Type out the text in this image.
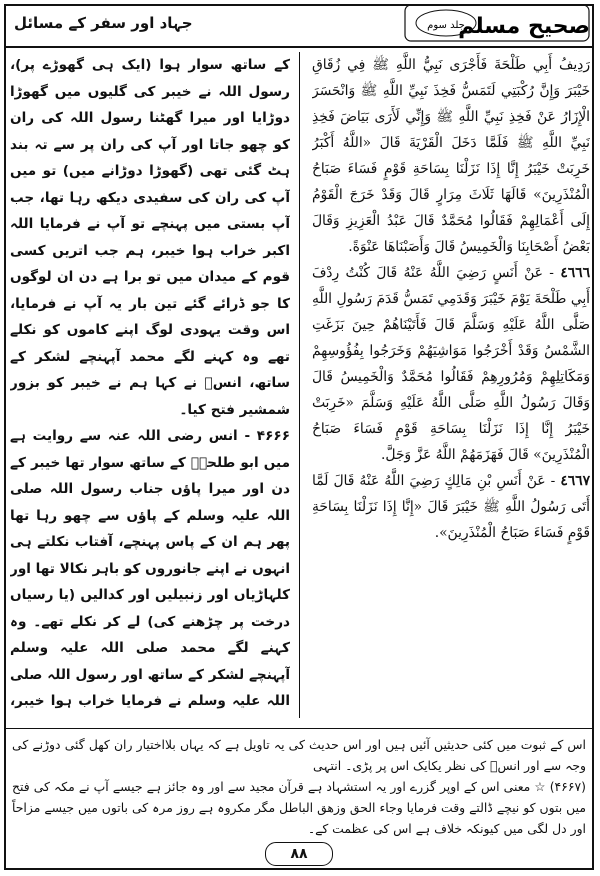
صحیح مسلم
جلد سوم
جہاد اور سفر کے مسائل

رَدِيفُ أَبِي طَلْحَةَ فَأَجْرَى نَبِيُّ اللَّهِ ﷺ فِي زُقَاقِ خَيْبَرَ وَإِنَّ رُكْبَتِي لَتَمَسُّ فَخِذَ نَبِيِّ اللَّهِ ﷺ وَانْحَسَرَ الْإِزَارُ عَنْ فَخِذِ نَبِيِّ اللَّهِ ﷺ وَإِنِّي لَأَرَى بَيَاضَ فَخِذِ نَبِيِّ اللَّهِ ﷺ فَلَمَّا دَخَلَ الْقَرْيَةَ قَالَ «اللَّهُ أَكْبَرُ خَرِبَتْ خَيْبَرُ إِنَّا إِذَا نَزَلْنَا بِسَاحَةِ قَوْمٍ فَسَاءَ صَبَاحُ الْمُنْذَرِينَ» قَالَهَا ثَلَاثَ مِرَارٍ قَالَ وَقَدْ خَرَجَ الْقَوْمُ إِلَى أَعْمَالِهِمْ فَقَالُوا مُحَمَّدٌ قَالَ عَبْدُ الْعَزِيزِ وَقَالَ بَعْضُ أَصْحَابِنَا وَالْخَمِيسُ قَالَ وَأَصَبْنَاهَا عَنْوَةً.

٤٦٦٦ - عَنْ أَنَسٍ رَضِيَ اللَّهُ عَنْهُ قَالَ كُنْتُ رِدْفَ أَبِي طَلْحَةَ يَوْمَ خَيْبَرَ وَقَدَمِي تَمَسُّ قَدَمَ رَسُولِ اللَّهِ صَلَّى اللَّهُ عَلَيْهِ وَسَلَّمَ قَالَ فَأَتَيْنَاهُمْ حِينَ بَزَغَتِ الشَّمْسُ وَقَدْ أَخْرَجُوا مَوَاشِيَهُمْ وَخَرَجُوا بِفُؤُوسِهِمْ وَمَكَاتِلِهِمْ وَمُرُورِهِمْ فَقَالُوا مُحَمَّدٌ وَالْخَمِيسُ قَالَ وَقَالَ رَسُولُ اللَّهِ صَلَّى اللَّهُ عَلَيْهِ وَسَلَّمَ «خَرِبَتْ خَيْبَرُ إِنَّا إِذَا نَزَلْنَا بِسَاحَةِ قَوْمٍ فَسَاءَ صَبَاحُ الْمُنْذَرِينَ» قَالَ فَهَزَمَهُمْ اللَّهُ عَزَّ وَجَلَّ.

٤٦٦٧ - عَنْ أَنَسِ بْنِ مَالِكٍ رَضِيَ اللَّهُ عَنْهُ قَالَ لَمَّا أَتَى رَسُولُ اللَّهِ ﷺ خَيْبَرَ قَالَ «إِنَّا إِذَا نَزَلْنَا بِسَاحَةِ قَوْمٍ فَسَاءَ صَبَاحُ الْمُنْذَرِينَ».

کے ساتھ سوار ہوا (ایک ہی گھوڑے پر)، رسول اللہ نے خیبر کی گلیوں میں گھوڑا دوڑایا اور میرا گھٹنا رسول اللہ کی ران کو چھو جاتا اور آپ کی ران پر سے تہ بند ہٹ گئی تھی (گھوڑا دوڑانے میں) تو میں آپ کی ران کی سفیدی دیکھ رہا تھا، جب آپ بستی میں پہنچے تو آپ نے فرمایا اللہ اکبر خراب ہوا خیبر، ہم جب اتریں کسی قوم کے میدان میں تو برا ہے دن ان لوگوں کا جو ڈرائے گئے تین بار یہ آپ نے فرمایا، اس وقت یہودی لوگ اپنے کاموں کو نکلے تھے وہ کہنے لگے محمد آپہنچے لشکر کے ساتھ، انسؓ نے کہا ہم نے خیبر کو بزور شمشیر فتح کیا۔

۴۶۶۶ - انس رضی اللہ عنہ سے روایت ہے میں ابو طلحہؓ کے ساتھ سوار تھا خیبر کے دن اور میرا پاؤں جناب رسول اللہ صلی اللہ علیہ وسلم کے پاؤں سے چھو رہا تھا پھر ہم ان کے پاس پہنچے، آفتاب نکلتے ہی انہوں نے اپنے جانوروں کو باہر نکالا تھا اور کلہاڑیاں اور زنبیلیں اور کدالیں (یا رسیاں درخت پر چڑھنے کی) لے کر نکلے تھے۔ وہ کہنے لگے محمد صلی اللہ علیہ وسلم آپہنچے لشکر کے ساتھ اور رسول اللہ صلی اللہ علیہ وسلم نے فرمایا خراب ہوا خیبر،

اس کے ثبوت میں کئی حدیثیں آئیں ہیں اور اس حدیث کی یہ تاویل ہے کہ یہاں بلااختیار ران کھل گئی دوڑنے کی وجہ سے اور انسؓ کی نظر یکایک اس پر پڑی۔ انتہی

(۴۶۶۷) ☆ معنی اس کے اوپر گزرے اور یہ استشہاد ہے قرآن مجید سے اور وہ جائز ہے جیسے آپ نے مکہ کی فتح میں بتوں کو نیچے ڈالتے وقت فرمایا وجاء الحق وزھق الباطل مگر مکروہ ہے روز مرہ کی باتوں میں جیسے مزاحاً اور دل لگی میں کیونکہ خلاف ہے اس کی عظمت کے۔

۸۸
